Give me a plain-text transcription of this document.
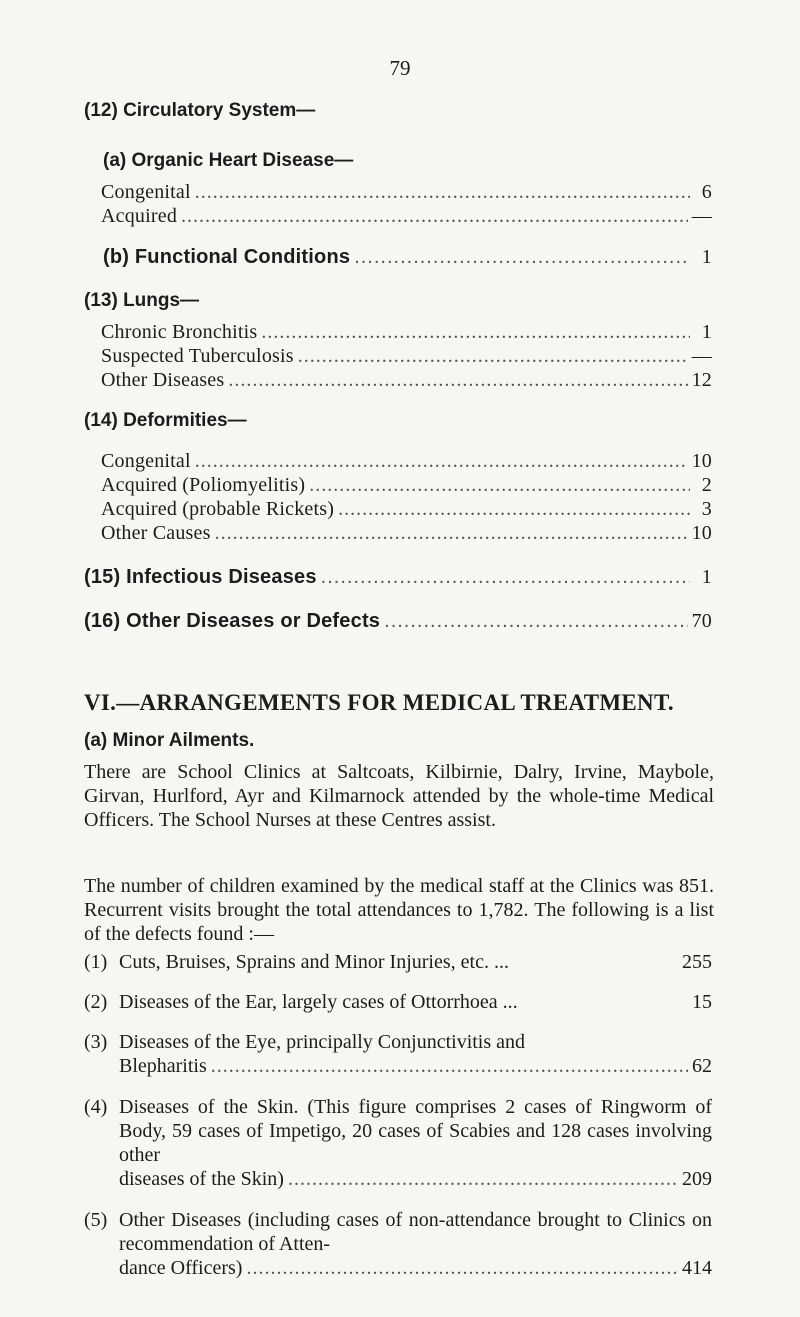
79
(12) Circulatory System—
(a) Organic Heart Disease—
Congenital .....	6
Acquired .....	—
(b) Functional Conditions .....	1
(13) Lungs—
Chronic Bronchitis .....	1
Suspected Tuberculosis .....	—
Other Diseases .....	12
(14) Deformities—
Congenital .....	10
Acquired (Poliomyelitis) .....	2
Acquired (probable Rickets) .....	3
Other Causes .....	10
(15) Infectious Diseases .....	1
(16) Other Diseases or Defects .....	70
VI.—ARRANGEMENTS FOR MEDICAL TREATMENT.
(a) Minor Ailments.
There are School Clinics at Saltcoats, Kilbirnie, Dalry, Irvine, Maybole, Girvan, Hurlford, Ayr and Kilmarnock attended by the whole-time Medical Officers. The School Nurses at these Centres assist.
The number of children examined by the medical staff at the Clinics was 851. Recurrent visits brought the total attendances to 1,782. The following is a list of the defects found :—
(1) Cuts, Bruises, Sprains and Minor Injuries, etc. ...	255
(2) Diseases of the Ear, largely cases of Ottorrhoea ...	15
(3) Diseases of the Eye, principally Conjunctivitis and
Blepharitis .....	62
(4) Diseases of the Skin. (This figure comprises 2 cases of Ringworm of Body, 59 cases of Impetigo, 20 cases of Scabies and 128 cases involving other
diseases of the Skin) .....	209
(5) Other Diseases (including cases of non-attendance brought to Clinics on recommendation of Atten-
dance Officers) .....	414
